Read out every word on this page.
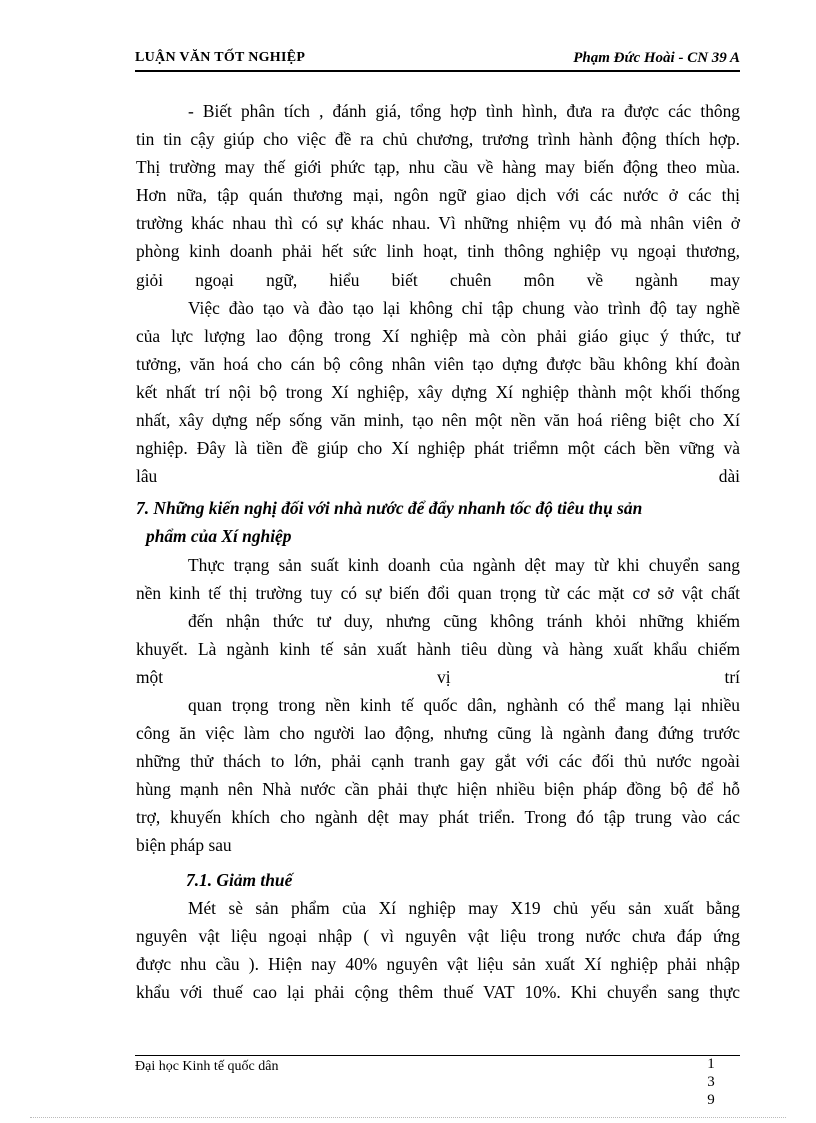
LUẬN VĂN TỐT NGHIỆP	Phạm Đức Hoài - CN 39 A
- Biết phân tích , đánh giá, tổng hợp tình hình, đưa ra được các thông
tin tin cậy giúp cho việc đề ra chủ chương, trương trình hành động thích hợp.
Thị trường may thế giới phức tạp, nhu cầu về hàng may biến động theo mùa.
Hơn nữa, tập quán thương mại, ngôn ngữ giao dịch với các nước ở các thị
trường khác nhau thì có sự khác nhau. Vì những nhiệm vụ đó mà nhân viên ở
phòng kinh doanh phải hết sức linh hoạt, tinh thông nghiệp vụ ngoại thương,
giỏi ngoại ngữ, hiểu biết chuên môn về ngành may
Việc đào tạo và đào tạo lại không chỉ tập chung vào trình độ tay nghề
của lực lượng lao động trong Xí nghiệp mà còn phải giáo giục ý thức, tư
tưởng, văn hoá cho cán bộ công nhân viên tạo dựng được bầu không khí đoàn
kết nhất trí nội bộ trong Xí nghiệp, xây dựng Xí nghiệp thành một khối thống
nhất, xây dựng nếp sống văn minh, tạo nên một nền văn hoá riêng biệt cho Xí
nghiệp. Đây là tiền đề giúp cho Xí nghiệp phát triểmn một cách bền vững và
lâu dài
7. Những kiến nghị đối với nhà nước để đẩy nhanh tốc độ tiêu thụ sản
phẩm của Xí nghiệp
Thực trạng sản suất kinh doanh của ngành dệt may từ khi chuyển sang
nền kinh tế thị trường tuy có sự biến đổi quan trọng từ các mặt cơ sở vật chất
đến nhận thức tư duy, nhưng cũng không tránh khỏi những khiếm
khuyết. Là ngành kinh tế sản xuất hành tiêu dùng và hàng xuất khẩu chiếm
một vị trí
quan trọng trong nền kinh tế quốc dân, nghành có thể mang lại nhiều
công ăn việc làm cho người lao động, nhưng cũng là ngành đang đứng trước
những thử thách to lớn, phải cạnh tranh gay gắt với các đối thủ nước ngoài
hùng mạnh nên Nhà nước cần phải thực hiện nhiều biện pháp đồng bộ để hỗ
trợ, khuyến khích cho ngành dệt may phát triển. Trong đó tập trung vào các
biện pháp sau
7.1. Giảm thuế
Mét sè sản phẩm của Xí nghiệp may X19 chủ yếu sản xuất bằng
nguyên vật liệu ngoại nhập ( vì nguyên vật liệu trong nước chưa đáp ứng
được nhu cầu ). Hiện nay 40% nguyên vật liệu sản xuất Xí nghiệp phải nhập
khẩu với thuế cao lại phải cộng thêm thuế VAT 10%. Khi chuyển sang thực
Đại học Kinh tế quốc dân	1
3
9
